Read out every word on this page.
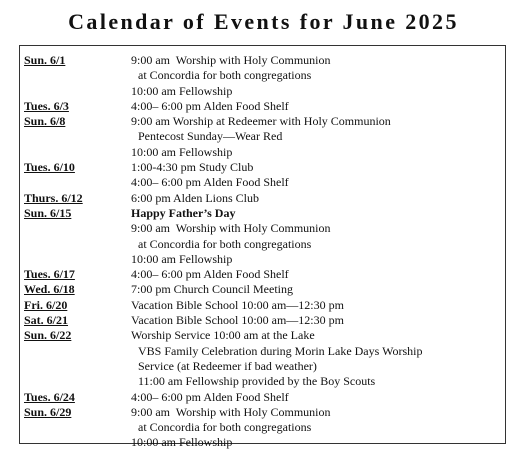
Calendar of Events for June 2025
Sun. 6/1	9:00 am  Worship with Holy Communion
at Concordia for both congregations
10:00 am Fellowship
Tues. 6/3	4:00– 6:00 pm Alden Food Shelf
Sun. 6/8	9:00 am Worship at Redeemer with Holy Communion
Pentecost Sunday—Wear Red
10:00 am Fellowship
Tues. 6/10	1:00-4:30 pm Study Club
4:00– 6:00 pm Alden Food Shelf
Thurs. 6/12	6:00 pm Alden Lions Club
Sun. 6/15	Happy Father’s Day
9:00 am  Worship with Holy Communion
at Concordia for both congregations
10:00 am Fellowship
Tues. 6/17	4:00– 6:00 pm Alden Food Shelf
Wed. 6/18	7:00 pm Church Council Meeting
Fri. 6/20	Vacation Bible School 10:00 am—12:30 pm
Sat. 6/21	Vacation Bible School 10:00 am—12:30 pm
Sun. 6/22	Worship Service 10:00 am at the Lake
VBS Family Celebration during Morin Lake Days Worship
Service (at Redeemer if bad weather)
11:00 am Fellowship provided by the Boy Scouts
Tues. 6/24	4:00– 6:00 pm Alden Food Shelf
Sun. 6/29	9:00 am  Worship with Holy Communion
at Concordia for both congregations
10:00 am Fellowship
